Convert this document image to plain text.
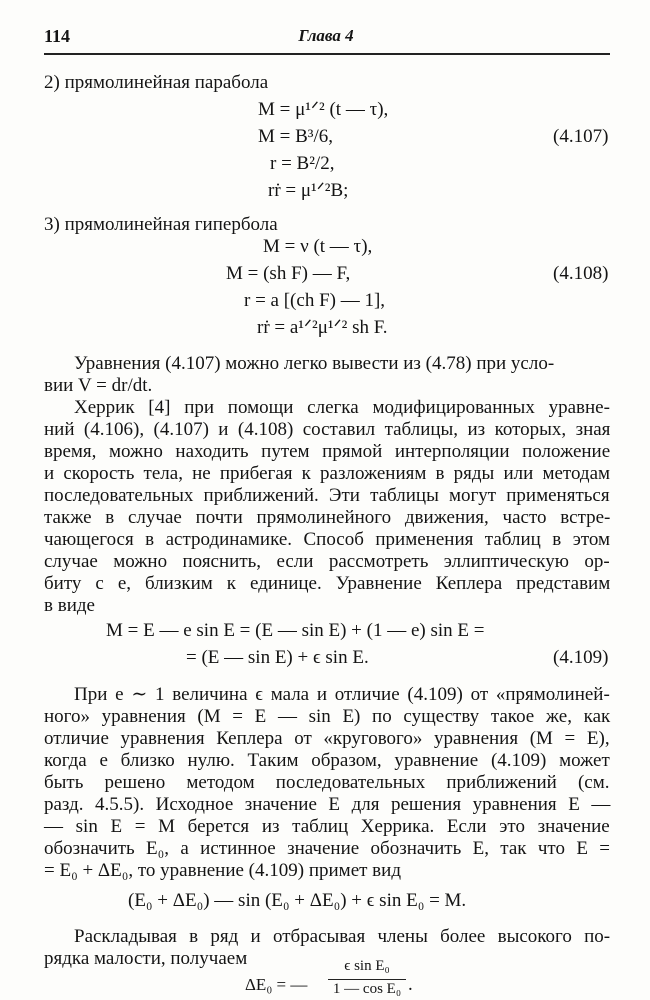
114	Глава 4
2) прямолинейная парабола
M = μ¹ᐟ² (t — τ),
M = B³/6,
r = B²/2,
rṙ = μ¹ᐟ²B;
(4.107)
3) прямолинейная гипербола
M = ν (t — τ),
M = (sh F) — F,
r = a [(ch F) — 1],
rṙ = a¹ᐟ²μ¹ᐟ² sh F.
(4.108)
Уравнения (4.107) можно легко вывести из (4.78) при усло-
вии V = dr/dt.
Херрик [4] при помощи слегка модифицированных уравне-
ний (4.106), (4.107) и (4.108) составил таблицы, из которых, зная
время, можно находить путем прямой интерполяции положение
и скорость тела, не прибегая к разложениям в ряды или методам
последовательных приближений. Эти таблицы могут применяться
также в случае почти прямолинейного движения, часто встре-
чающегося в астродинамике. Способ применения таблиц в этом
случае можно пояснить, если рассмотреть эллиптическую ор-
биту с e, близким к единице. Уравнение Кеплера представим
в виде
M = E — e sin E = (E — sin E) + (1 — e) sin E =
= (E — sin E) + ϵ sin E.	(4.109)
При e ∼ 1 величина ϵ мала и отличие (4.109) от «прямолиней-
ного» уравнения (M = E — sin E) по существу такое же, как
отличие уравнения Кеплера от «кругового» уравнения (M = E),
когда e близко нулю. Таким образом, уравнение (4.109) может
быть решено методом последовательных приближений (см.
разд. 4.5.5). Исходное значение E для решения уравнения E —
— sin E = M берется из таблиц Херрика. Если это значение
обозначить E₀, а истинное значение обозначить E, так что E =
= E₀ + ΔE₀, то уравнение (4.109) примет вид
(E₀ + ΔE₀) — sin (E₀ + ΔE₀) + ϵ sin E₀ = M.
Раскладывая в ряд и отбрасывая члены более высокого по-
рядка малости, получаем
ΔE₀ = —
ϵ sin E₀
1 — cos E₀ .
